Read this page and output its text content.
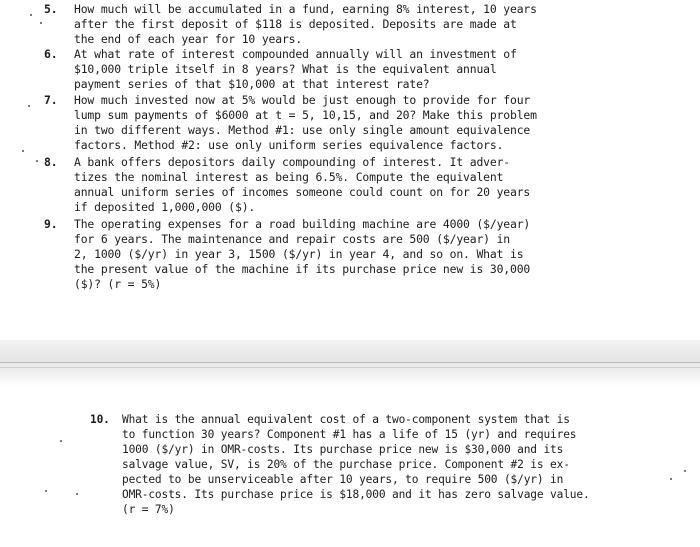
5.

How much will be accumulated in a fund, earning 8% interest, 10 years

after the first deposit of $118 is deposited. Deposits are made at

the end of each year for 10 years.

6.

At what rate of interest compounded annually will an investment of

$10,000 triple itself in 8 years? What is the equivalent annual

payment series of that $10,000 at that interest rate?

7.

How much invested now at 5% would be just enough to provide for four

lump sum payments of $6000 at t = 5, 10,15, and 20? Make this problem

in two different ways. Method #1: use only single amount equivalence

factors. Method #2: use only uniform series equivalence factors.

8.

A bank offers depositors daily compounding of interest. It adver-

tizes the nominal interest as being 6.5%. Compute the equivalent

annual uniform series of incomes someone could count on for 20 years

if deposited 1,000,000 ($).

9.

The operating expenses for a road building machine are 4000 ($/year)

for 6 years. The maintenance and repair costs are 500 ($/year) in

2, 1000 ($/yr) in year 3, 1500 ($/yr) in year 4, and so on. What is

the present value of the machine if its purchase price new is 30,000

($)? (r = 5%)

10.

What is the annual equivalent cost of a two-component system that is

to function 30 years? Component #1 has a life of 15 (yr) and requires

1000 ($/yr) in OMR-costs. Its purchase price new is $30,000 and its

salvage value, SV, is 20% of the purchase price. Component #2 is ex-

pected to be unserviceable after 10 years, to require 500 ($/yr) in

OMR-costs. Its purchase price is $18,000 and it has zero salvage value.

(r = 7%)
